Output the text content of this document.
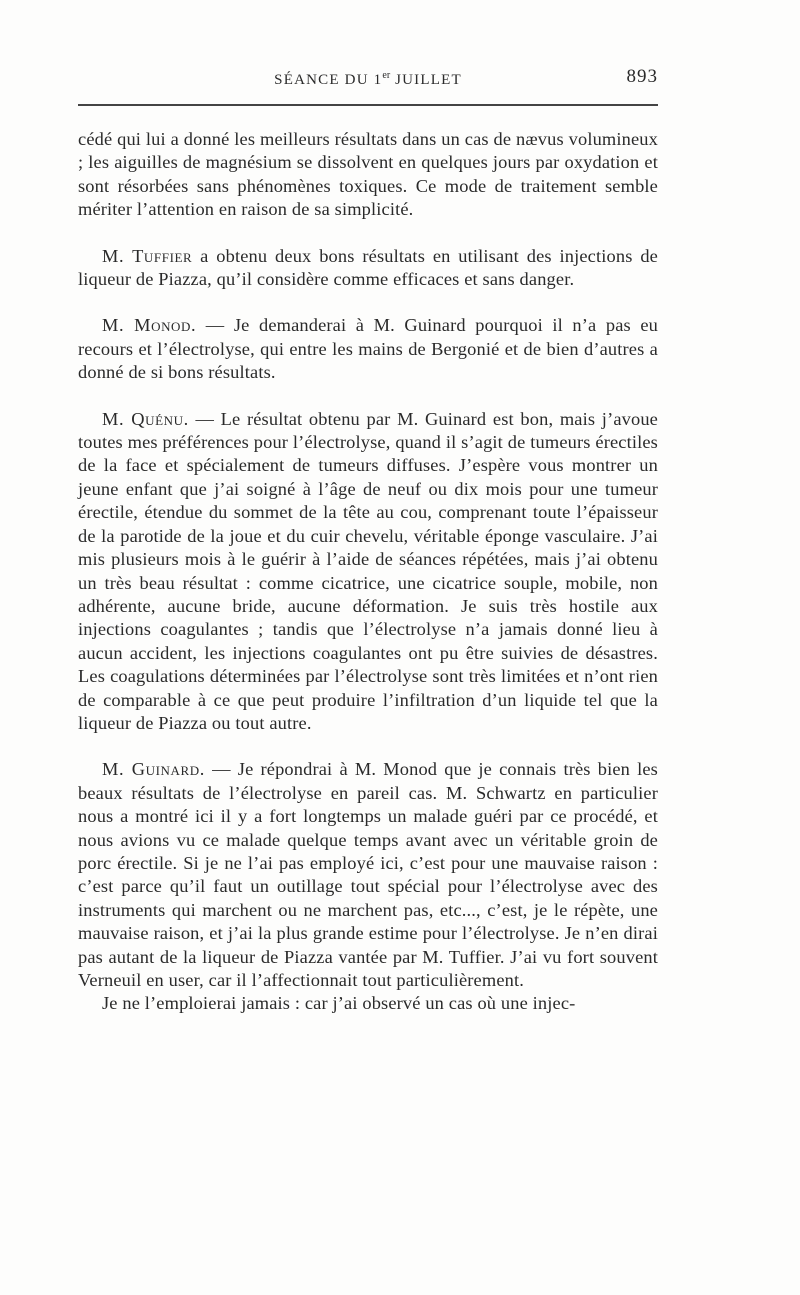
SÉANCE DU 1er JUILLET	893

cédé qui lui a donné les meilleurs résultats dans un cas de nævus volumineux ; les aiguilles de magnésium se dissolvent en quelques jours par oxydation et sont résorbées sans phénomènes toxiques. Ce mode de traitement semble mériter l’attention en raison de sa simplicité.

M. Tuffier a obtenu deux bons résultats en utilisant des injections de liqueur de Piazza, qu’il considère comme efficaces et sans danger.

M. Monod. — Je demanderai à M. Guinard pourquoi il n’a pas eu recours et l’électrolyse, qui entre les mains de Bergonié et de bien d’autres a donné de si bons résultats.

M. Quénu. — Le résultat obtenu par M. Guinard est bon, mais j’avoue toutes mes préférences pour l’électrolyse, quand il s’agit de tumeurs érectiles de la face et spécialement de tumeurs diffuses. J’espère vous montrer un jeune enfant que j’ai soigné à l’âge de neuf ou dix mois pour une tumeur érectile, étendue du sommet de la tête au cou, comprenant toute l’épaisseur de la parotide de la joue et du cuir chevelu, véritable éponge vasculaire. J’ai mis plusieurs mois à le guérir à l’aide de séances répétées, mais j’ai obtenu un très beau résultat : comme cicatrice, une cicatrice souple, mobile, non adhérente, aucune bride, aucune déformation. Je suis très hostile aux injections coagulantes ; tandis que l’électrolyse n’a jamais donné lieu à aucun accident, les injections coagulantes ont pu être suivies de désastres. Les coagulations déterminées par l’électrolyse sont très limitées et n’ont rien de comparable à ce que peut produire l’infiltration d’un liquide tel que la liqueur de Piazza ou tout autre.

M. Guinard. — Je répondrai à M. Monod que je connais très bien les beaux résultats de l’électrolyse en pareil cas. M. Schwartz en particulier nous a montré ici il y a fort longtemps un malade guéri par ce procédé, et nous avions vu ce malade quelque temps avant avec un véritable groin de porc érectile. Si je ne l’ai pas employé ici, c’est pour une mauvaise raison : c’est parce qu’il faut un outillage tout spécial pour l’électrolyse avec des instruments qui marchent ou ne marchent pas, etc..., c’est, je le répète, une mauvaise raison, et j’ai la plus grande estime pour l’électrolyse. Je n’en dirai pas autant de la liqueur de Piazza vantée par M. Tuffier. J’ai vu fort souvent Verneuil en user, car il l’affectionnait tout particulièrement.

Je ne l’emploierai jamais : car j’ai observé un cas où une injec-
